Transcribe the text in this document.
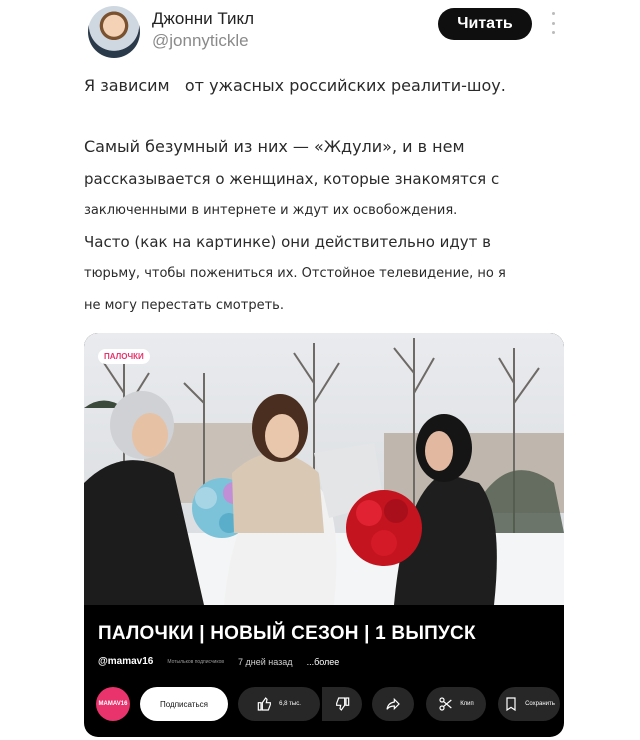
Джонни Тикл
@jonnytickle
Читать
Я зависим   от ужасных российских реалити-шоу.
Самый безумный из них — «Ждули», и в нем
рассказывается о женщинах, которые знакомятся с
заключенными в интернете и ждут их освобождения.
Часто (как на картинке) они действительно идут в
тюрьму, чтобы пожениться их. Отстойное телевидение, но я
не могу перестать смотреть.
ПАЛОЧКИ
ПАЛОЧКИ | НОВЫЙ СЕЗОН | 1 ВЫПУСК
@mamav16	Мотыльков подписчиков 7 дней назад ...более
MAMAV16	Подписаться	6,8 тыс.	Клип	Сохранить
